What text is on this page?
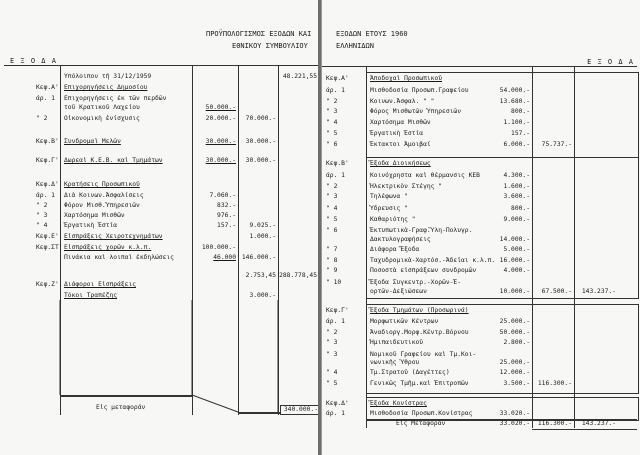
ΠΡΟΫΠΟΛΟΓΙΣΜΟΣ ΕΞΟΔΩΝ ΚΑΙ
ΕΘΝΙΚΟΥ ΣΥΜΒΟΥΛΙΟΥ
Ε Ξ Ο Δ Α
Υπόλοιπον τῆ 31/12/1959	48.221,55
Κεφ.Α' Επιχορηγήσεις Δημοσίου
άρ. 1 Επιχορηγήσεις έκ τῶν περδῶν
τοῦ Κρατικοῦ Λαχείου	50.000.-
" 2	Οἰκονομικὴ ἐνίσχυσις	20.000.-	70.000.-
Κεφ.Β' Συνδρομαὶ Μελῶν	30.000.-	30.000.-
Κεφ.Γ' Δωρεαὶ Κ.Ε.Β. καὶ Τμημάτων	30.000.-	30.000.-
Κεφ.Δ' Κρατήσεις Προσωπικοῦ
άρ. 1 Διὰ Κοινων.Ἀσφαλίσεις	7.060.-
" 2	Φόρον Μισθ.Ὑπηρεσιῶν	832.-
" 3	Χαρτόσημα Μισθῶν	976.-
" 4	Ἐργατικὴ Ἑστία	157.-	9.025.-
Κεφ.Ε' Εἰσπράξεις Χειροτεχνημάτων	1.000.-
Κεφ.ΣΤ' Εἰσπράξεις χορῶν κ.λ.π.	100.000.-
Πινάκια καὶ λοιπαὶ ἐκδηλώσεις	46.000 146.000.-
2.753,45 288.778,45
Κεφ.Ζ' Διάφοροι Εἰσπράξεις
Τόκοι Τραπέζης	3.000.-
Εἰς μεταφοράν	340.000.-
ΕΞΟΔΩΝ ΕΤΟΥΣ 1960
ΕΛΛΗΝΙΔΩΝ
Ε Ξ Ο Δ Α
Κεφ.Α'	Ἀποδοχαὶ Προσωπικοῦ
άρ. 1	Μισθοδοσία Προσωπ.Γραφείου	54.000.-
" 2	Κοινων.Ἀσφαλ. " "	13.680.-
" 3	Φόρος Μισθωτῶν Ὑπηρεσιῶν	800.-
" 4	Χαρτόσημα Μισθῶν	1.100.-
" 5	Ἐργατικὴ Ἑστία	157.-
" 6	Ἐκτακτοι Ἀμοιβαί	6.000.-	75.737.-
Κεφ.Β'	Ἔξοδα Διοικήσεως
άρ. 1	Κοινόχρηστα καὶ θέρμανσις ΚΕΒ	4.300.-
" 2	Ἠλεκτρικὸν Στέγης "	1.600.-
" 3	Τηλέφωνα "	3.600.-
" 4	Ὑδρευσις "	800.-
" 5	Καθαριότης "	9.000.-
" 6	Ἐκτυπωτικὰ-Γραφ.Ὕλη-Πολυγρ.
Δακτυλογραφήσεις	14.000.-
" 7	Διάφορα Ἔξοδα	5.000.-
" 8	Ταχυδρομικὰ-Χαρτόσ.-Ἀδεῖαι κ.λ.π. 16.000.-
" 9	Ποσοστὰ εἰσπράξεων συνδρομῶν	4.000.-
" 10	Ἔξοδα Συγκεντρ.-Χορῶν-Ἑ-
ορτῶν-Δεξιώσεων	10.000.-	67.500.-	143.237.-
Κεφ.Γ'	Ἔξοδα Τμημάτων (Προσωρινά)
άρ. 1	Μορφωτικῶν Κέντρων	25.000.-
" 2	Ἀναδιοργ.Μορφ.Κέντρ.Βόρνου	50.000.-
" 3	Ἡμιπαιδευτικοῦ	2.800.-
" 3	Νομικοῦ Γραφείου καὶ Τμ.Κοι-
νωνικῆς Ὑθρου	25.000.-
" 4	Τμ.Στρατοῦ (Δαγέττες)	12.000.-
" 5	Γενικῶς Τμῆμ.καὶ Ἐπιτροπῶν	3.500.-	116.300.-
Κεφ.Δ'	Ἔξοδα Κονίστρας
άρ. 1	Μισθοδοσία Προσωπ.Κονίστρας	33.020.-
Εἰς Μεταφοράν	33.020.-	116.300.-	143.237.-
